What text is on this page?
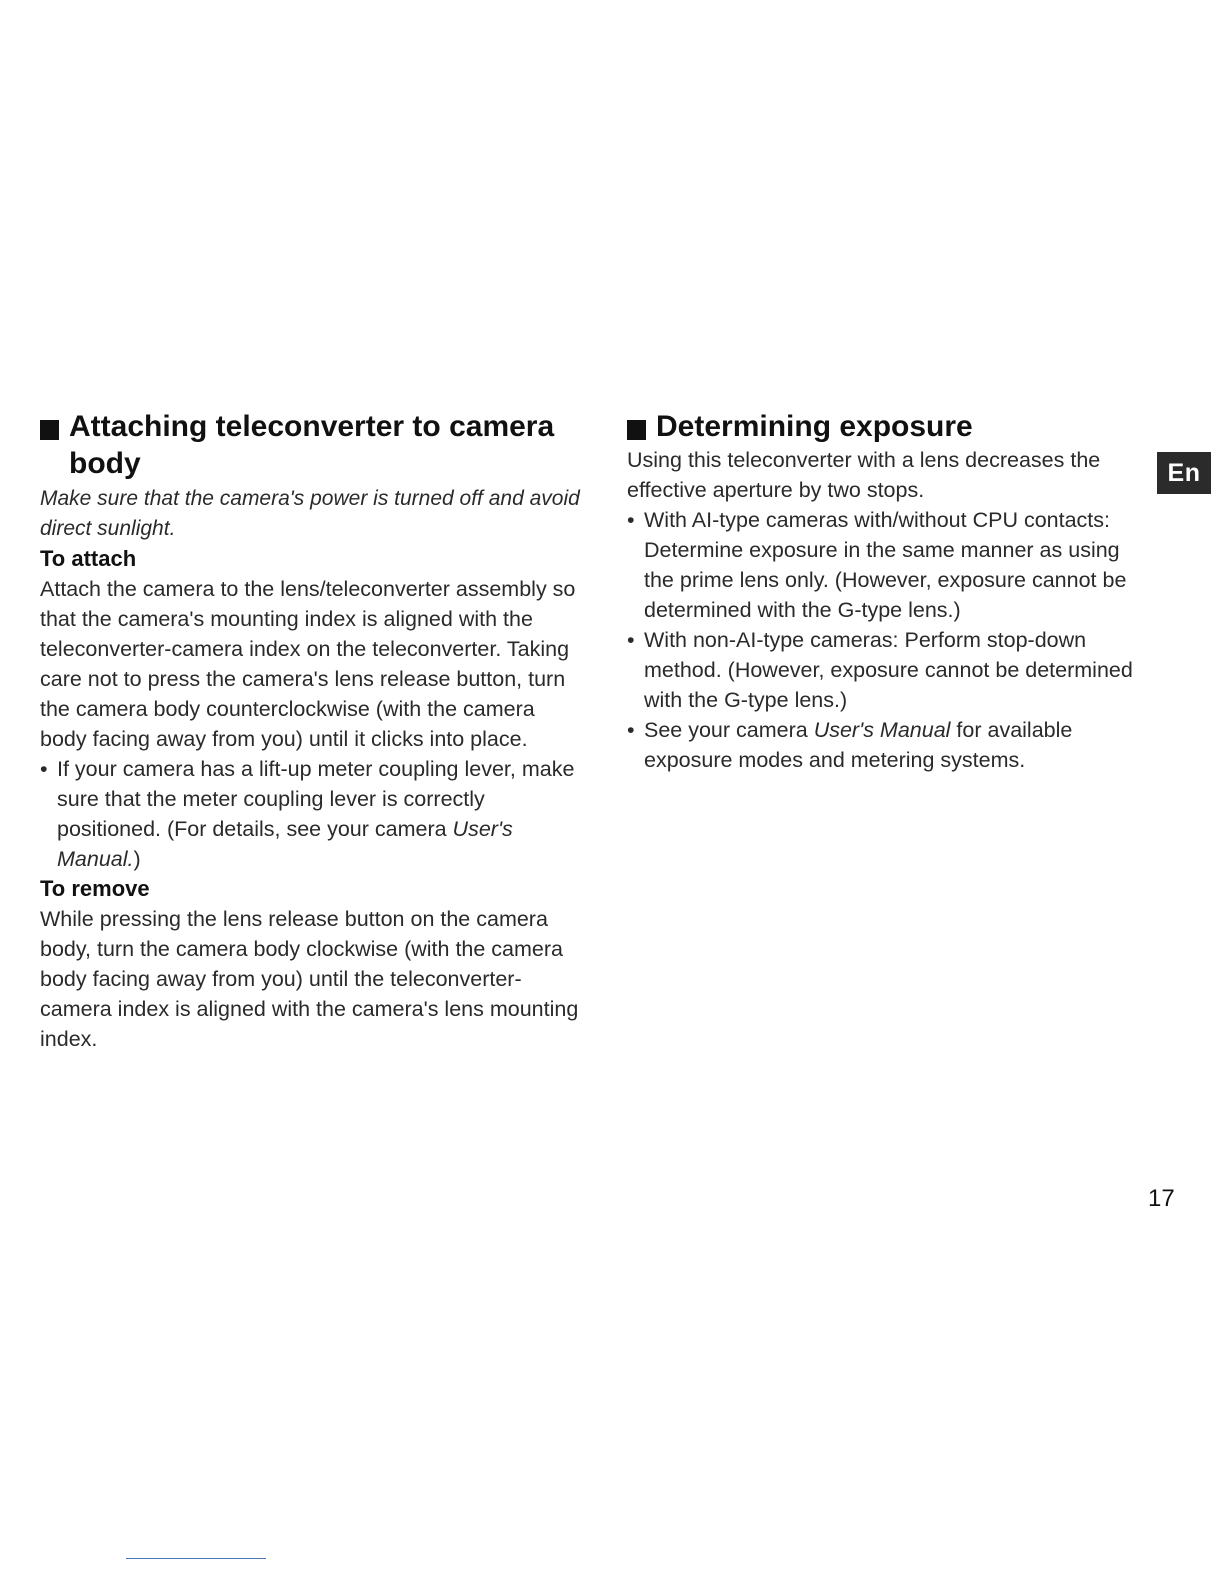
Attaching teleconverter to camera
body

Make sure that the camera's power is turned off and avoid direct sunlight.

To attach

Attach the camera to the lens/teleconverter assembly so that the camera's mounting index is aligned with the teleconverter-camera index on the teleconverter. Taking care not to press the camera's lens release button, turn the camera body counterclockwise (with the camera body facing away from you) until it clicks into place.

• If your camera has a lift-up meter coupling lever, make sure that the meter coupling lever is correctly positioned. (For details, see your camera User's Manual.)
To remove

While pressing the lens release button on the camera body, turn the camera body clockwise (with the camera body facing away from you) until the teleconverter-camera index is aligned with the camera's lens mounting index.

Determining exposure

Using this teleconverter with a lens decreases the effective aperture by two stops.

• With AI-type cameras with/without CPU contacts: Determine exposure in the same manner as using the prime lens only. (However, exposure cannot be determined with the G-type lens.)
• With non-AI-type cameras: Perform stop-down method. (However, exposure cannot be determined with the G-type lens.)
• See your camera User's Manual for available exposure modes and metering systems.
En
17
